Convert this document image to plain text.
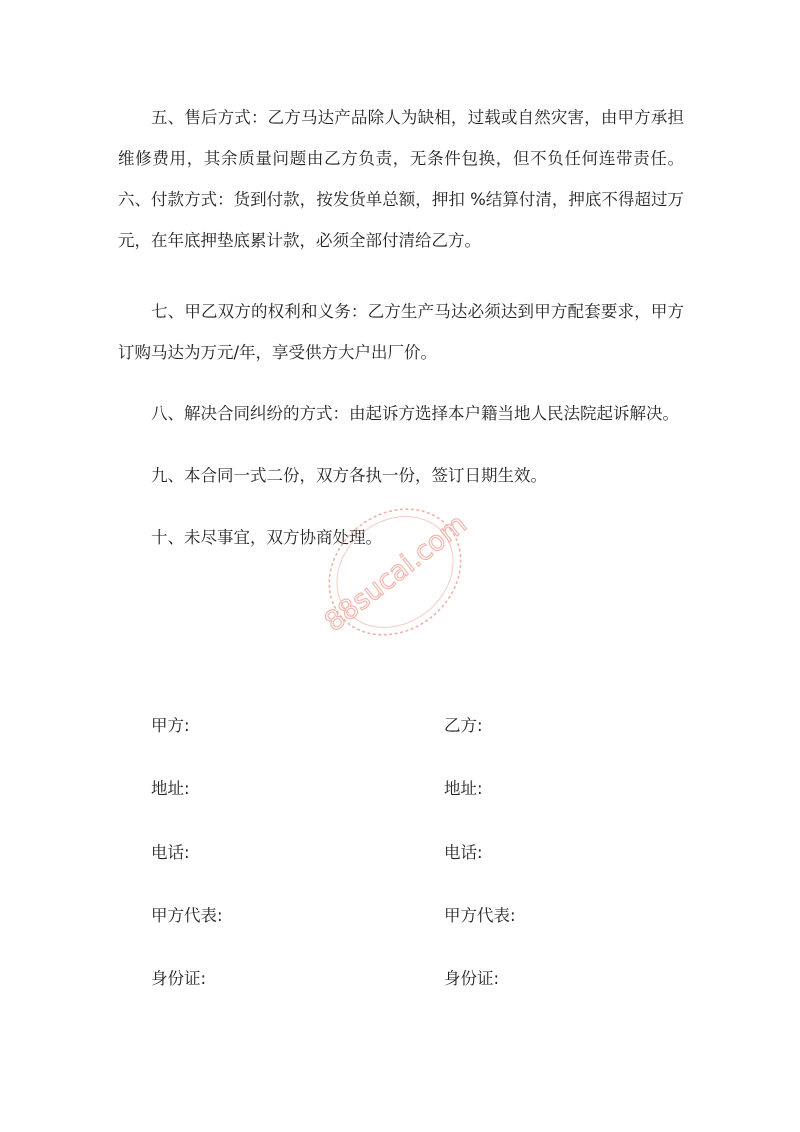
五、售后方式：乙方马达产品除人为缺相，过载或自然灾害，由甲方承担维修费用，其余质量问题由乙方负责，无条件包换，但不负任何连带责任。六、付款方式：货到付款，按发货单总额，押扣 %结算付清，押底不得超过万元，在年底押垫底累计款，必须全部付清给乙方。

七、甲乙双方的权利和义务：乙方生产马达必须达到甲方配套要求，甲方订购马达为万元/年，享受供方大户出厂价。

八、解决合同纠纷的方式：由起诉方选择本户籍当地人民法院起诉解决。

九、本合同一式二份，双方各执一份，签订日期生效。

十、未尽事宜，双方协商处理。

88sucai.com
甲方:	乙方:
地址:	地址:
电话:	电话:
甲方代表:	甲方代表:
身份证:	身份证:
